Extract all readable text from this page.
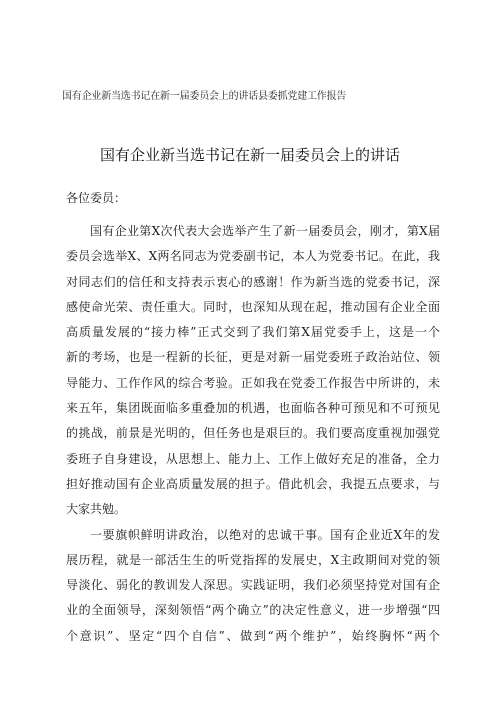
国有企业新当选书记在新一届委员会上的讲话县委抓党建工作报告
国有企业新当选书记在新一届委员会上的讲话
各位委员：
国有企业第X次代表大会选举产生了新一届委员会，刚才，第X届
委员会选举X、X两名同志为党委副书记，本人为党委书记。在此，我
对同志们的信任和支持表示衷心的感谢！作为新当选的党委书记，深
感使命光荣、责任重大。同时，也深知从现在起，推动国有企业全面
高质量发展的“接力棒”正式交到了我们第X届党委手上，这是一个
新的考场，也是一程新的长征，更是对新一届党委班子政治站位、领
导能力、工作作风的综合考验。正如我在党委工作报告中所讲的，未
来五年，集团既面临多重叠加的机遇，也面临各种可预见和不可预见
的挑战，前景是光明的，但任务也是艰巨的。我们要高度重视加强党
委班子自身建设，从思想上、能力上、工作上做好充足的准备，全力
担好推动国有企业高质量发展的担子。借此机会，我提五点要求，与
大家共勉。
一要旗帜鲜明讲政治，以绝对的忠诚干事。国有企业近X年的发
展历程，就是一部活生生的听党指挥的发展史，X主政期间对党的领
导淡化、弱化的教训发人深思。实践证明，我们必须坚持党对国有企
业的全面领导，深刻领悟“两个确立”的决定性意义，进一步增强“四
个意识”、坚定“四个自信”、做到“两个维护”，始终胸怀“两个
